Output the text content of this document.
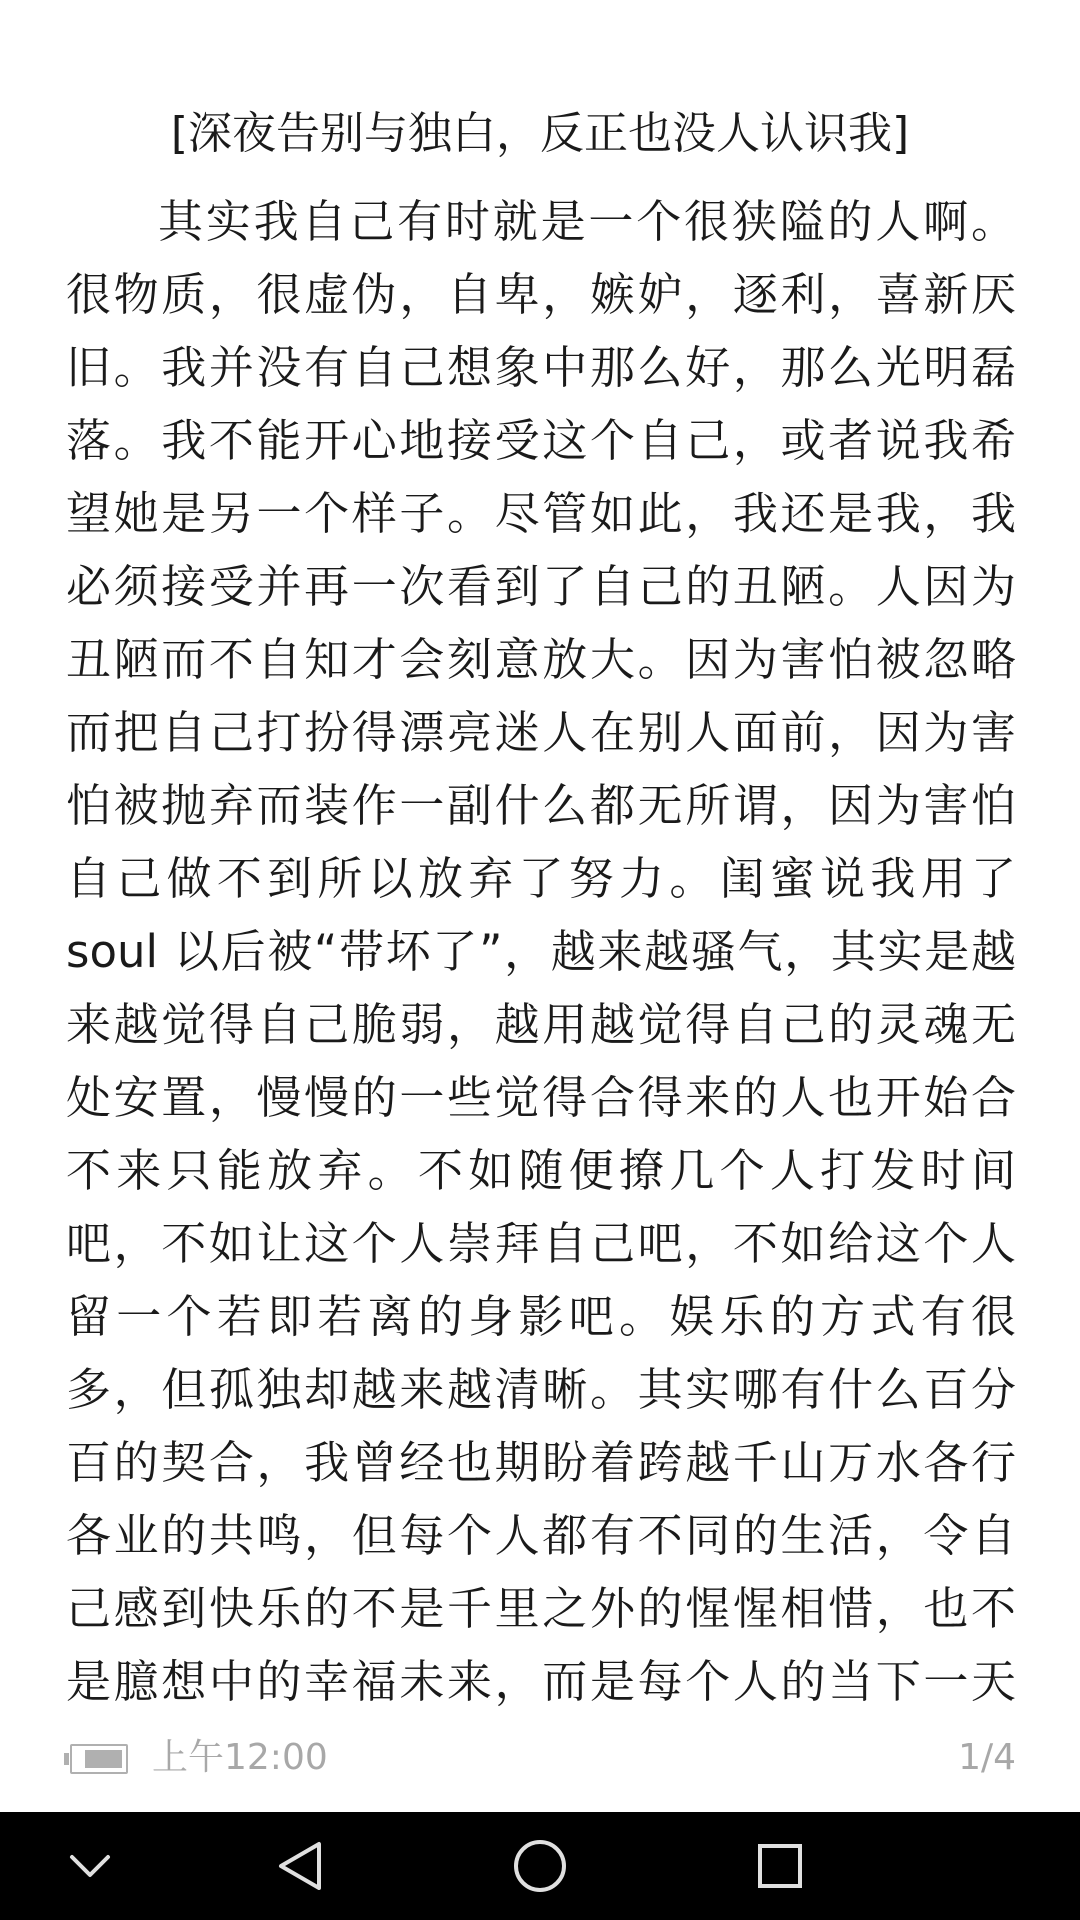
[深夜告别与独白，反正也没人认识我]
其实我自己有时就是一个很狭隘的人啊。
很物质，很虚伪，自卑，嫉妒，逐利，喜新厌
旧。我并没有自己想象中那么好，那么光明磊
落。我不能开心地接受这个自己，或者说我希
望她是另一个样子。尽管如此，我还是我，我
必须接受并再一次看到了自己的丑陋。人因为
丑陋而不自知才会刻意放大。因为害怕被忽略
而把自己打扮得漂亮迷人在别人面前，因为害
怕被抛弃而装作一副什么都无所谓，因为害怕
自己做不到所以放弃了努力。闺蜜说我用了
soul 以后被“带坏了”，越来越骚气，其实是越
来越觉得自己脆弱，越用越觉得自己的灵魂无
处安置，慢慢的一些觉得合得来的人也开始合
不来只能放弃。不如随便撩几个人打发时间
吧，不如让这个人崇拜自己吧，不如给这个人
留一个若即若离的身影吧。娱乐的方式有很
多，但孤独却越来越清晰。其实哪有什么百分
百的契合，我曾经也期盼着跨越千山万水各行
各业的共鸣，但每个人都有不同的生活，令自
己感到快乐的不是千里之外的惺惺相惜，也不
是臆想中的幸福未来，而是每个人的当下一天
上午12:00	1/4
